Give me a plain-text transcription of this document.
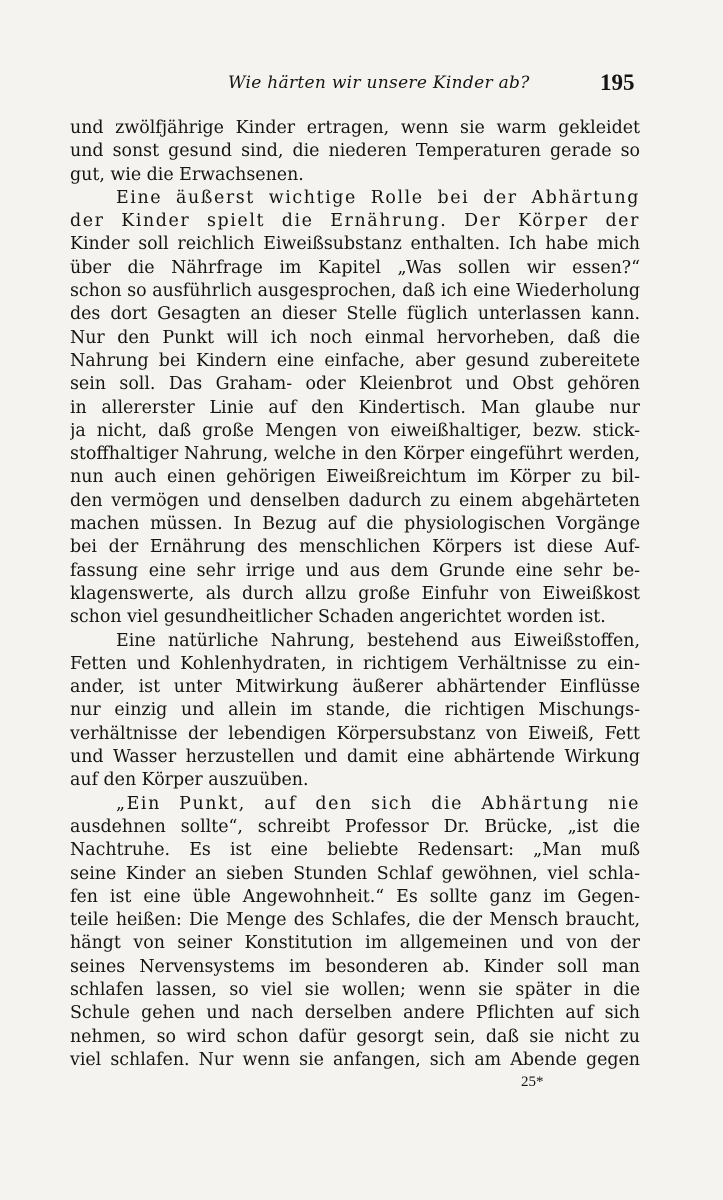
Wie härten wir unsere Kinder ab?	195
und zwölfjährige Kinder ertragen, wenn sie warm gekleidet
und sonst gesund sind, die niederen Temperaturen gerade so
gut, wie die Erwachsenen.
Eine äußerst wichtige Rolle bei der Abhärtung
der Kinder spielt die Ernährung. Der Körper der
Kinder soll reichlich Eiweißsubstanz enthalten. Ich habe mich
über die Nährfrage im Kapitel „Was sollen wir essen?“
schon so ausführlich ausgesprochen, daß ich eine Wiederholung
des dort Gesagten an dieser Stelle füglich unterlassen kann.
Nur den Punkt will ich noch einmal hervorheben, daß die
Nahrung bei Kindern eine einfache, aber gesund zubereitete
sein soll. Das Graham- oder Kleienbrot und Obst gehören
in allererster Linie auf den Kindertisch. Man glaube nur
ja nicht, daß große Mengen von eiweißhaltiger, bezw. stick-
stoffhaltiger Nahrung, welche in den Körper eingeführt werden,
nun auch einen gehörigen Eiweißreichtum im Körper zu bil-
den vermögen und denselben dadurch zu einem abgehärteten
machen müssen. In Bezug auf die physiologischen Vorgänge
bei der Ernährung des menschlichen Körpers ist diese Auf-
fassung eine sehr irrige und aus dem Grunde eine sehr be-
klagenswerte, als durch allzu große Einfuhr von Eiweißkost
schon viel gesundheitlicher Schaden angerichtet worden ist.
Eine natürliche Nahrung, bestehend aus Eiweißstoffen,
Fetten und Kohlenhydraten, in richtigem Verhältnisse zu ein-
ander, ist unter Mitwirkung äußerer abhärtender Einflüsse
nur einzig und allein im stande, die richtigen Mischungs-
verhältnisse der lebendigen Körpersubstanz von Eiweiß, Fett
und Wasser herzustellen und damit eine abhärtende Wirkung
auf den Körper auszuüben.
„Ein Punkt, auf den sich die Abhärtung nie
ausdehnen sollte“, schreibt Professor Dr. Brücke, „ist die
Nachtruhe. Es ist eine beliebte Redensart: „Man muß
seine Kinder an sieben Stunden Schlaf gewöhnen, viel schla-
fen ist eine üble Angewohnheit.“ Es sollte ganz im Gegen-
teile heißen: Die Menge des Schlafes, die der Mensch braucht,
hängt von seiner Konstitution im allgemeinen und von der
seines Nervensystems im besonderen ab. Kinder soll man
schlafen lassen, so viel sie wollen; wenn sie später in die
Schule gehen und nach derselben andere Pflichten auf sich
nehmen, so wird schon dafür gesorgt sein, daß sie nicht zu
viel schlafen. Nur wenn sie anfangen, sich am Abende gegen
25*
